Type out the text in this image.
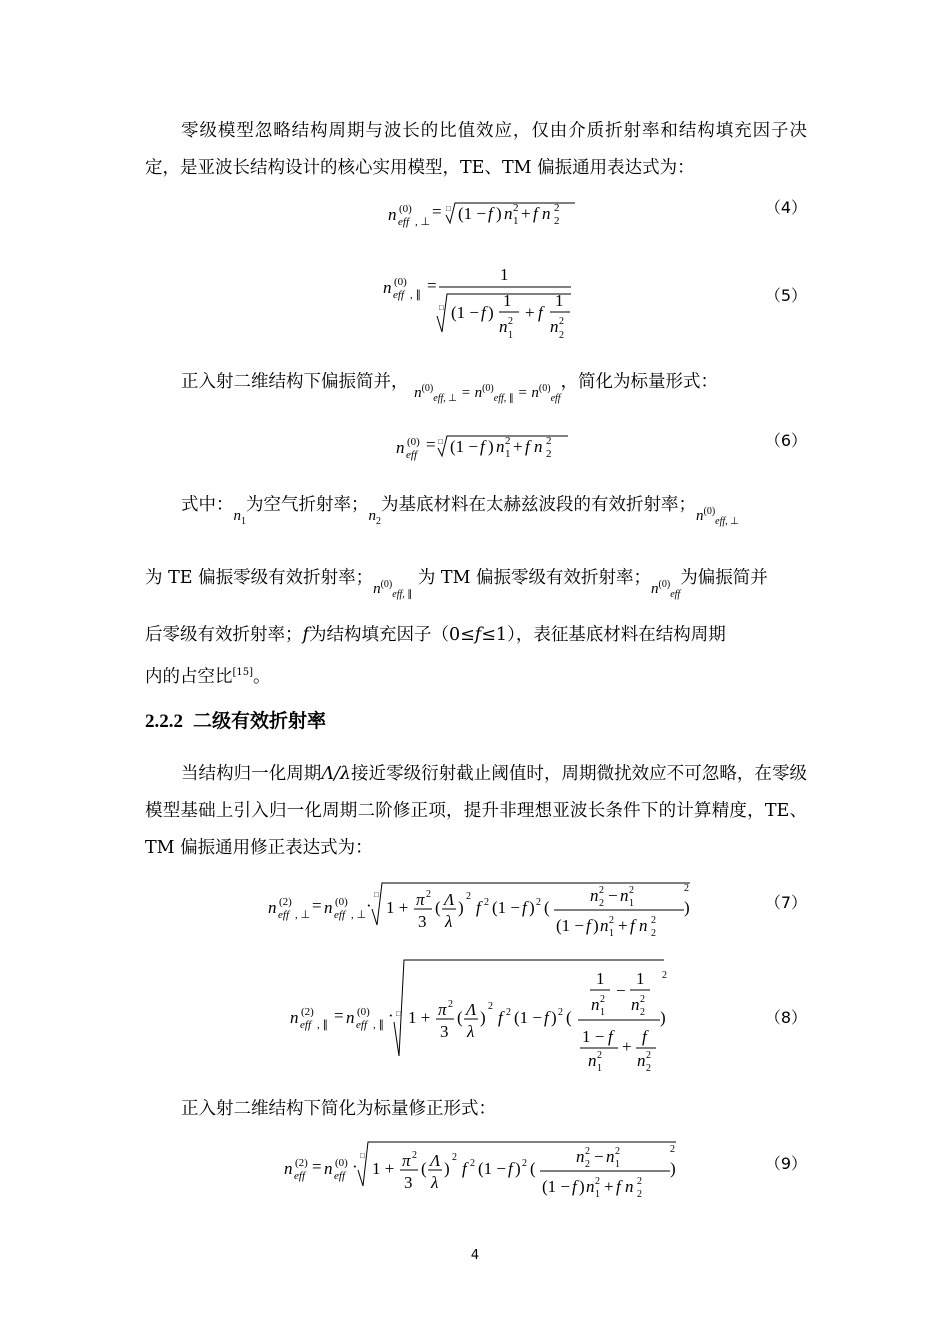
零级模型忽略结构周期与波长的比值效应，仅由介质折射率和结构填充因子决定，是亚波长结构设计的核心实用模型，TE、TM 偏振通用表达式为：
n (0)
eff , ⊥
= □ (1 − f ) n 2
1 + f n 2
2
（4）
n (0)
eff , ∥ =
1
□ (1 − f )
1
n 2
1
+ f
1
n 2
2
（5）
正入射二维结构下偏振简并， $n^{(0)}_{eff, \perp} = n^{(0)}_{eff, \parallel} = n^{(0)}_{eff}$，简化为标量形式：
n (0)
eff
= □ (1 − f ) n 2
1 + f n 2
2
（6）
式中：$n_1$为空气折射率；$n_2$为基底材料在太赫兹波段的有效折射率；$n^{(0)}_{eff, \perp}$
为 TE 偏振零级有效折射率；$n^{(0)}_{eff, \parallel}$ 为 TM 偏振零级有效折射率；$n^{(0)}_{eff}$为偏振简并
后零级有效折射率；f为结构填充因子（0≤f≤1），表征基底材料在结构周期
内的占空比[15]。
2.2.2 二级有效折射率
当结构归一化周期Λ/λ接近零级衍射截止阈值时，周期微扰效应不可忽略，在零级模型基础上引入归一化周期二阶修正项，提升非理想亚波长条件下的计算精度，TE、TM 偏振通用修正表达式为：
n (2)
eff , ⊥ = n (0)
eff , ⊥ ·
□
1 + π 2
3
( Λ
λ
)
2
f 2 (1 − f ) 2 (
n 2
2 − n 2
1
(1 − f ) n 2
1 + f n 2
2
)
2
（7）
n (2)
eff , ∥ = n (0)
eff , ∥ · □ 1 + π 2
3
( Λ
λ
)
2
f 2 (1 − f ) 2 (
1
n 2
1
−
1
n 2
2
1 − f
n 2
1
+
f
n 2
2
)
2
（8）
正入射二维结构下简化为标量修正形式：
n (2)
eff = n (0)
eff ·
□
1 + π 2
3
( Λ
λ
)
2
f 2 (1 − f ) 2 (
n 2
2 − n 2
1
(1 − f ) n 2
1 + f n 2
2
)
2
（9）
4
